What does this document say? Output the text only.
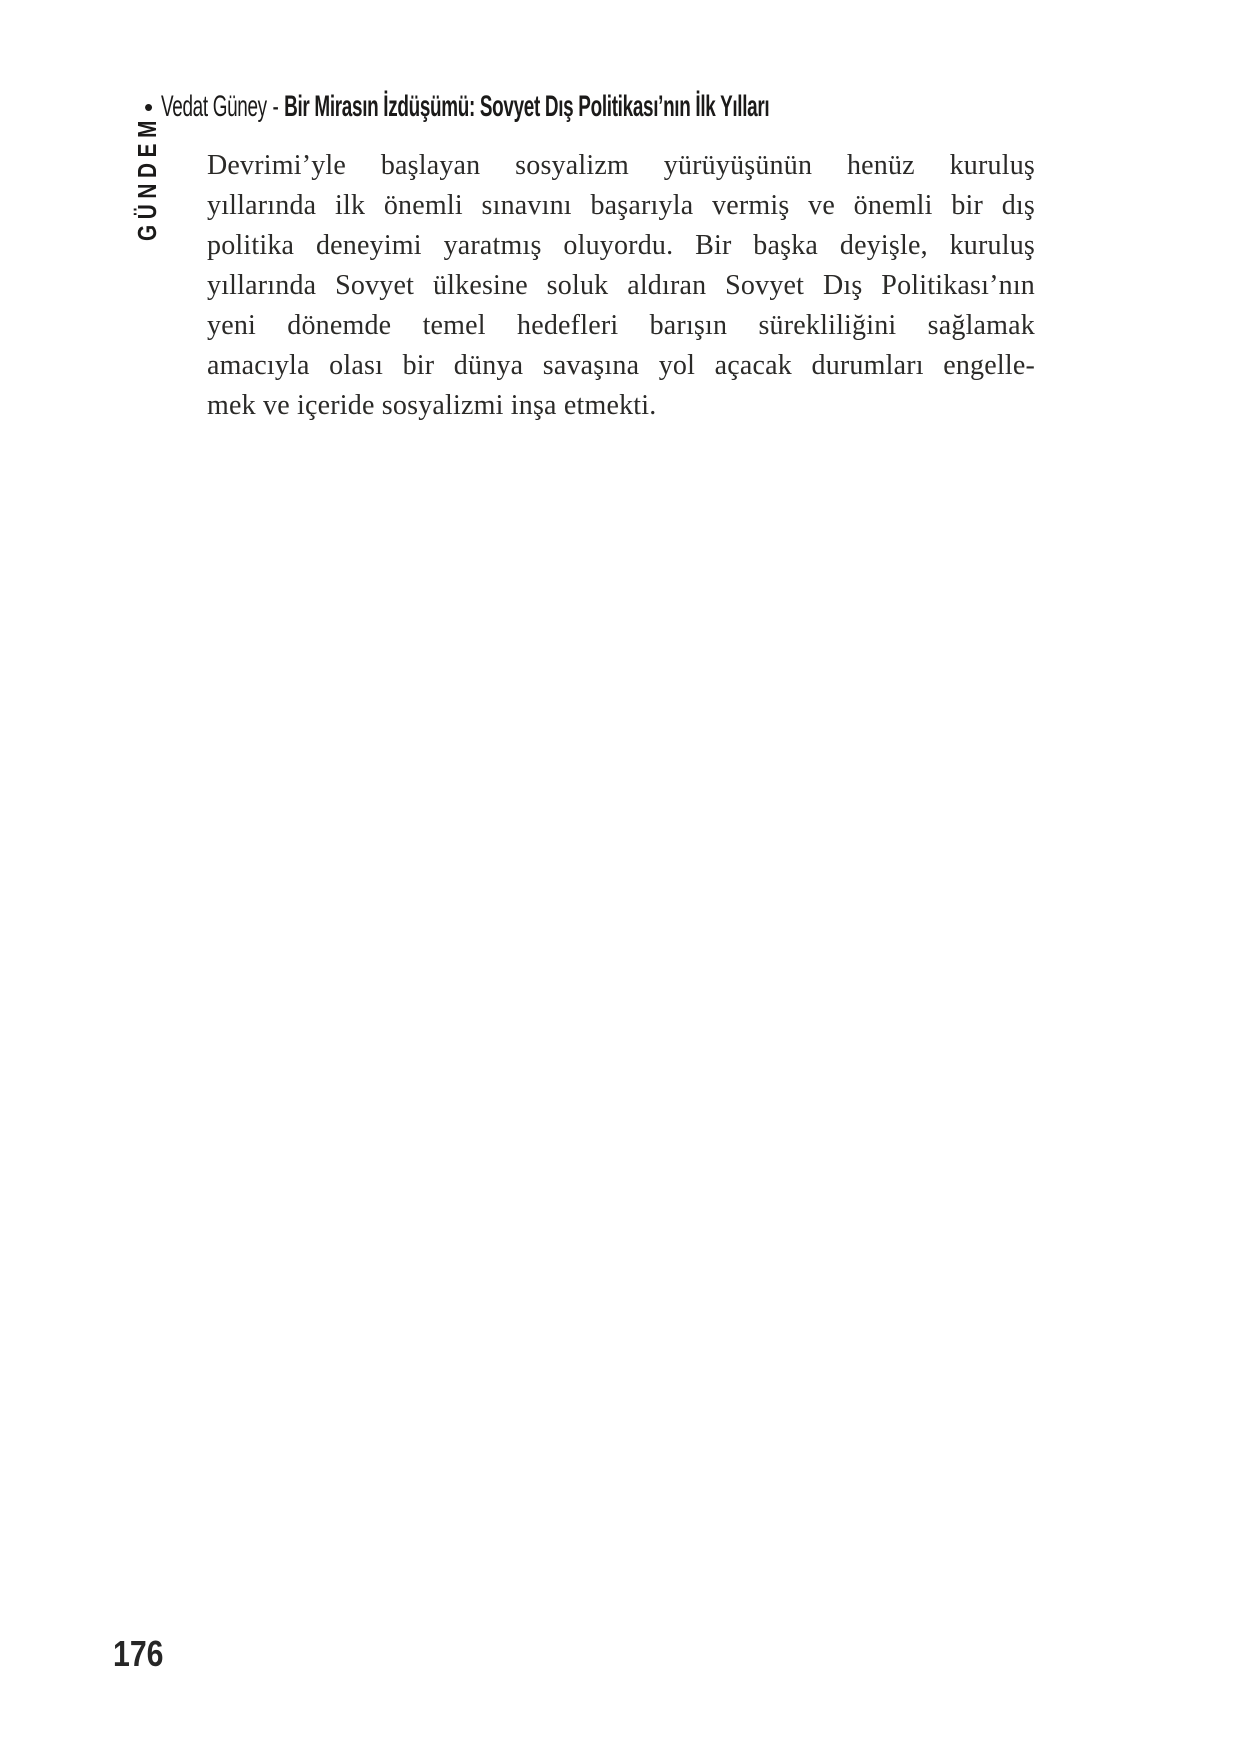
• Vedat Güney - Bir Mirasın İzdüşümü: Sovyet Dış Politikası’nın İlk Yılları
GÜNDEM Devrimi’yle başlayan sosyalizm yürüyüşünün henüz kuruluş
yıllarında ilk önemli sınavını başarıyla vermiş ve önemli bir dış
politika deneyimi yaratmış oluyordu. Bir başka deyişle, kuruluş
yıllarında Sovyet ülkesine soluk aldıran Sovyet Dış Politikası’nın
yeni dönemde temel hedefleri barışın sürekliliğini sağlamak
amacıyla olası bir dünya savaşına yol açacak durumları engelle-
mek ve içeride sosyalizmi inşa etmekti.
176
